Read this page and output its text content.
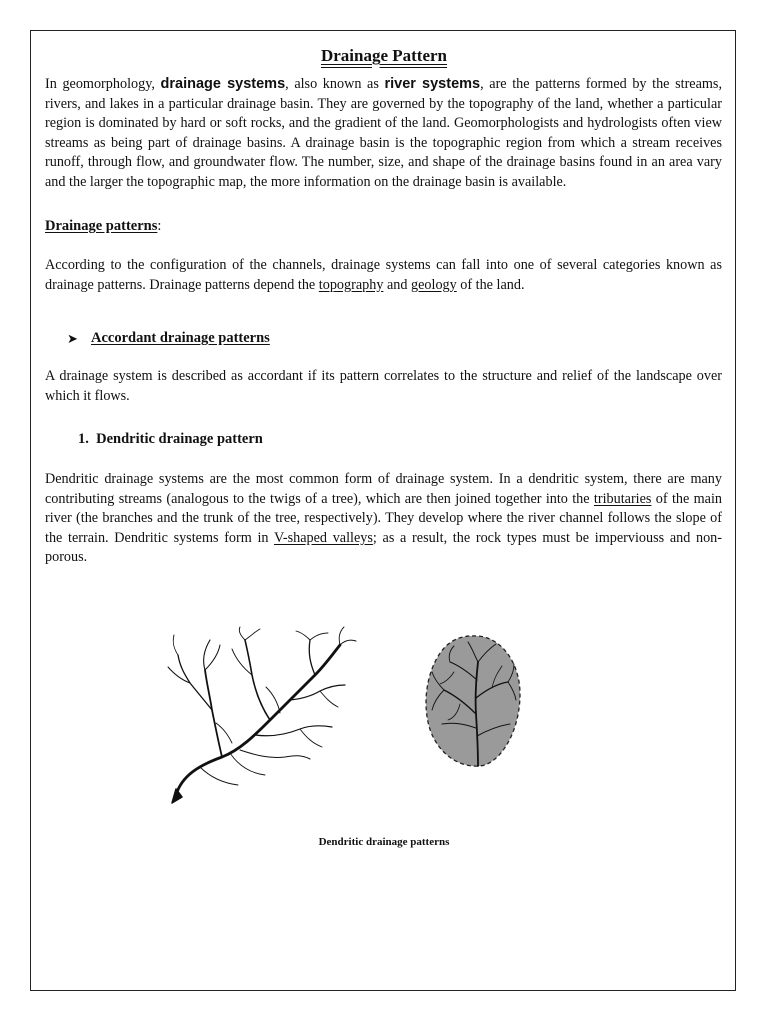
Drainage Pattern
In geomorphology, drainage systems, also known as river systems, are the patterns formed by the streams, rivers, and lakes in a particular drainage basin. They are governed by the topography of the land, whether a particular region is dominated by hard or soft rocks, and the gradient of the land. Geomorphologists and hydrologists often view streams as being part of drainage basins. A drainage basin is the topographic region from which a stream receives runoff, through flow, and groundwater flow. The number, size, and shape of the drainage basins found in an area vary and the larger the topographic map, the more information on the drainage basin is available.
Drainage patterns:
According to the configuration of the channels, drainage systems can fall into one of several categories known as drainage patterns. Drainage patterns depend the topography and geology of the land.
➤ Accordant drainage patterns
A drainage system is described as accordant if its pattern correlates to the structure and relief of the landscape over which it flows.
1. Dendritic drainage pattern
Dendritic drainage systems are the most common form of drainage system. In a dendritic system, there are many contributing streams (analogous to the twigs of a tree), which are then joined together into the tributaries of the main river (the branches and the trunk of the tree, respectively). They develop where the river channel follows the slope of the terrain. Dendritic systems form in V-shaped valleys; as a result, the rock types must be imperviouss and non-porous.
Dendritic drainage patterns
